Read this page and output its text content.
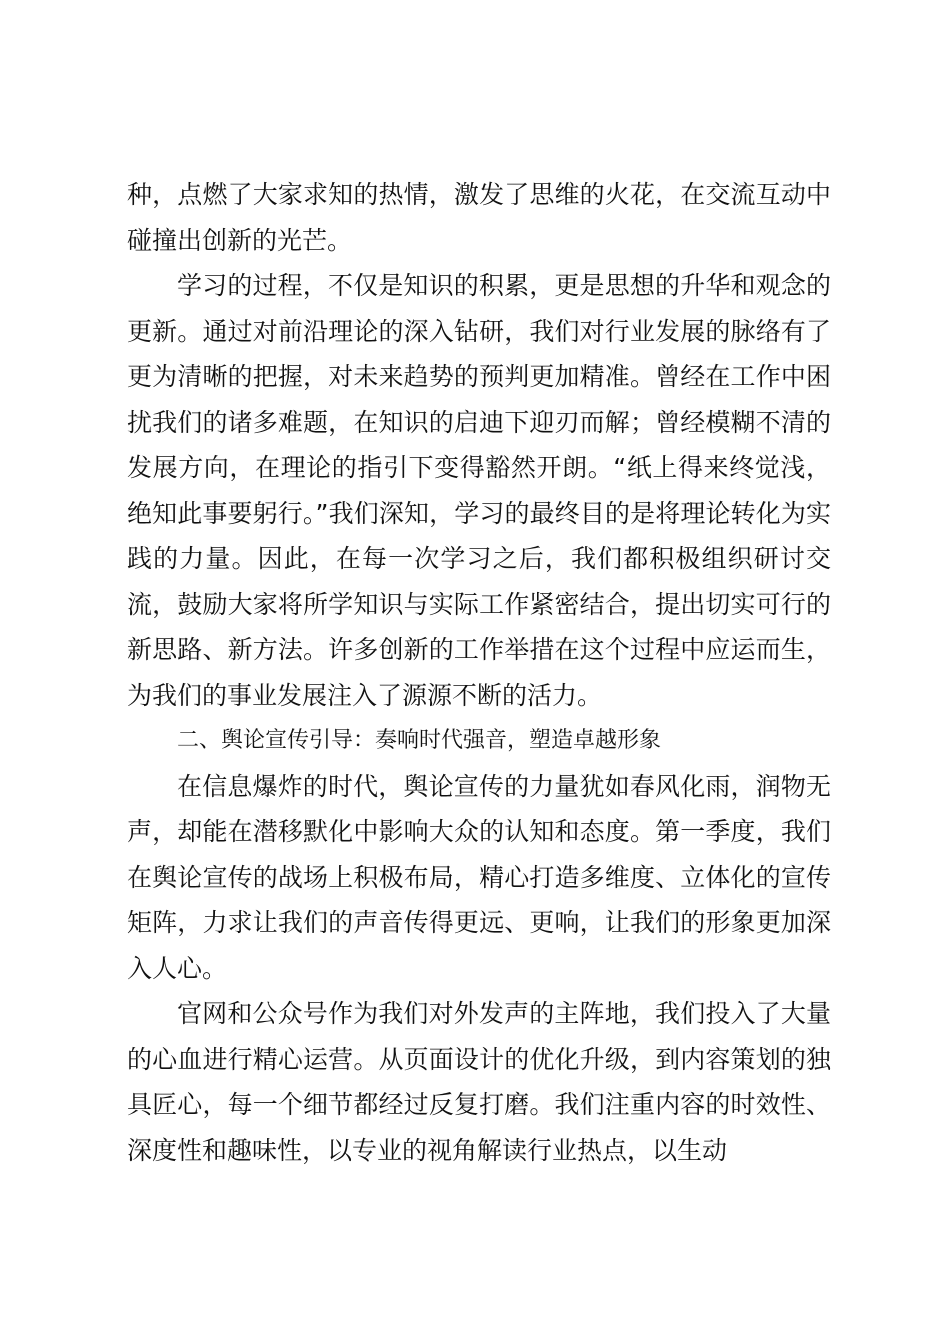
种，点燃了大家求知的热情，激发了思维的火花，在交流互动中碰撞出创新的光芒。

学习的过程，不仅是知识的积累，更是思想的升华和观念的更新。通过对前沿理论的深入钻研，我们对行业发展的脉络有了更为清晰的把握，对未来趋势的预判更加精准。曾经在工作中困扰我们的诸多难题，在知识的启迪下迎刃而解；曾经模糊不清的发展方向，在理论的指引下变得豁然开朗。“纸上得来终觉浅，绝知此事要躬行。”我们深知，学习的最终目的是将理论转化为实践的力量。因此，在每一次学习之后，我们都积极组织研讨交流，鼓励大家将所学知识与实际工作紧密结合，提出切实可行的新思路、新方法。许多创新的工作举措在这个过程中应运而生，为我们的事业发展注入了源源不断的活力。

二、舆论宣传引导：奏响时代强音，塑造卓越形象

在信息爆炸的时代，舆论宣传的力量犹如春风化雨，润物无声，却能在潜移默化中影响大众的认知和态度。第一季度，我们在舆论宣传的战场上积极布局，精心打造多维度、立体化的宣传矩阵，力求让我们的声音传得更远、更响，让我们的形象更加深入人心。

官网和公众号作为我们对外发声的主阵地，我们投入了大量的心血进行精心运营。从页面设计的优化升级，到内容策划的独具匠心，每一个细节都经过反复打磨。我们注重内容的时效性、深度性和趣味性，以专业的视角解读行业热点，以生动
